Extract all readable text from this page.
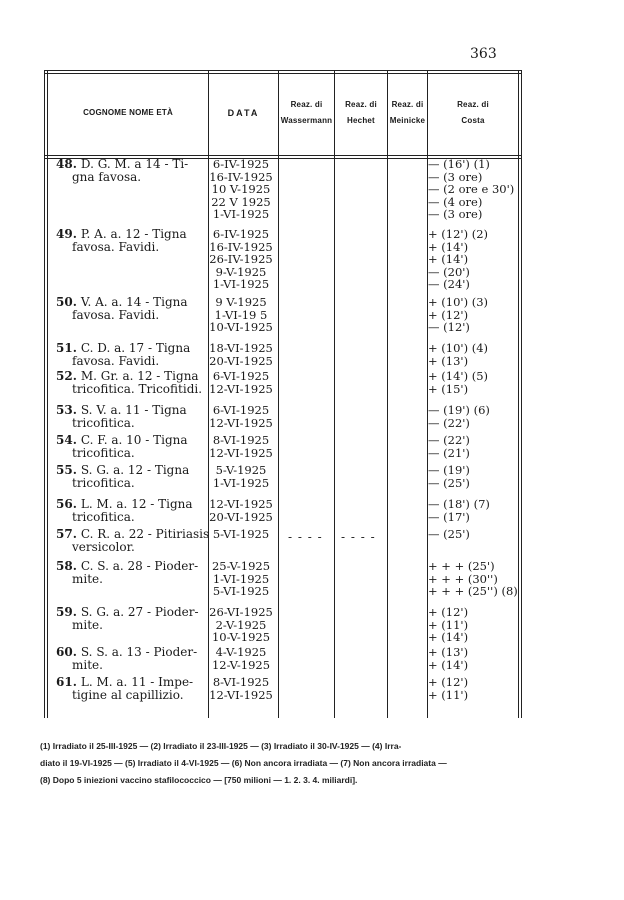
363
COGNOME NOME ETÀ	DATA
Reaz. di
Wassermann
Reaz. di
Hechet
Reaz. di
Meinicke
Reaz. di
Costa
48. D. G. M. a 14 - Ti-

gna favosa.
6-IV-1925
16-IV-1925
10 V-1925
22 V 1925
1-VI-1925
— (16') (1)
— (3 ore)
— (2 ore e 30')
— (4 ore)
— (3 ore)
49. P. A. a. 12 - Tigna

favosa. Favidi.
6-IV-1925
16-IV-1925
26-IV-1925
9-V-1925
1-VI-1925
+ (12') (2)
+ (14')
+ (14')
— (20')
— (24')
50. V. A. a. 14 - Tigna

favosa. Favidi.
9 V-1925
1-VI-19 5
10-VI-1925
+ (10') (3)
+ (12')
— (12')
51. C. D. a. 17 - Tigna

favosa. Favidi.
18-VI-1925
20-VI-1925
+ (10') (4)
+ (13')
52. M. Gr. a. 12 - Tigna

tricofitica. Tricofitidi.
6-VI-1925
12-VI-1925
+ (14') (5)
+ (15')
53. S. V. a. 11 - Tigna

tricofitica.
6-VI-1925
12-VI-1925
— (19') (6)
— (22')
54. C. F. a. 10 - Tigna

tricofitica.
8-VI-1925
12-VI-1925
— (22')
— (21')
55. S. G. a. 12 - Tigna

tricofitica.
5-V-1925
1-VI-1925
— (19')
— (25')
56. L. M. a. 12 - Tigna

tricofitica.
12-VI-1925
20-VI-1925
— (18') (7)
— (17')
57. C. R. a. 22 - Pitiriasis

versicolor.
5-VI-1925	— (25')
58. C. S. a. 28 - Pioder-

mite.
25-V-1925
1-VI-1925
5-VI-1925
+ + + (25')
+ + + (30'')
+ + + (25'') (8)
59. S. G. a. 27 - Pioder-

mite.
26-VI-1925
2-V-1925
10-V-1925
+ (12')
+ (11')
+ (14')
60. S. S. a. 13 - Pioder-

mite.
4-V-1925
12-V-1925
+ (13')
+ (14')
61. L. M. a. 11 - Impe-

tigine al capillizio.
8-VI-1925
12-VI-1925
+ (12')
+ (11')
- - - - - - - -
(1) Irradiato il 25-III-1925 — (2) Irradiato il 23-III-1925 — (3) Irradiato il 30-IV-1925 — (4) Irra-
diato il 19-VI-1925 — (5) Irradiato il 4-VI-1925 — (6) Non ancora irradiata — (7) Non ancora irradiata —
(8) Dopo 5 iniezioni vaccino stafilococcico — [750 milioni — 1. 2. 3. 4. miliardi].
